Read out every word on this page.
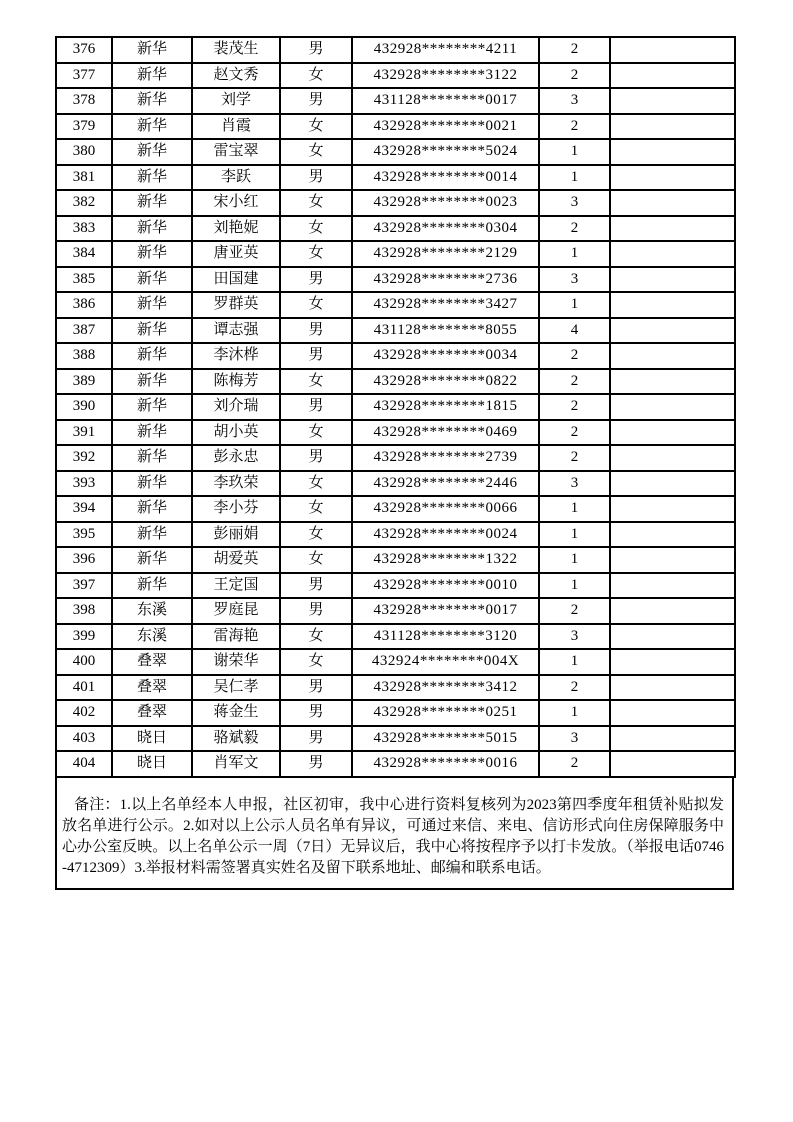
376	新华	裴茂生	男	432928********4211	2	
377	新华	赵文秀	女	432928********3122	2	
378	新华	刘学	男	431128********0017	3	
379	新华	肖霞	女	432928********0021	2	
380	新华	雷宝翠	女	432928********5024	1	
381	新华	李跃	男	432928********0014	1	
382	新华	宋小红	女	432928********0023	3	
383	新华	刘艳妮	女	432928********0304	2	
384	新华	唐亚英	女	432928********2129	1	
385	新华	田国建	男	432928********2736	3	
386	新华	罗群英	女	432928********3427	1	
387	新华	谭志强	男	431128********8055	4	
388	新华	李沐桦	男	432928********0034	2	
389	新华	陈梅芳	女	432928********0822	2	
390	新华	刘介瑞	男	432928********1815	2	
391	新华	胡小英	女	432928********0469	2	
392	新华	彭永忠	男	432928********2739	2	
393	新华	李玖荣	女	432928********2446	3	
394	新华	李小芬	女	432928********0066	1	
395	新华	彭丽娟	女	432928********0024	1	
396	新华	胡爱英	女	432928********1322	1	
397	新华	王定国	男	432928********0010	1	
398	东溪	罗庭昆	男	432928********0017	2	
399	东溪	雷海艳	女	431128********3120	3	
400	叠翠	谢荣华	女	432924********004X	1	
401	叠翠	吴仁孝	男	432928********3412	2	
402	叠翠	蒋金生	男	432928********0251	1	
403	晓日	骆斌毅	男	432928********5015	3	
404	晓日	肖军文	男	432928********0016	2	

备注：1.以上名单经本人申报，社区初审，我中心进行资料复核列为2023第四季度年租赁补贴拟发放名单进行公示。2.如对以上公示人员名单有异议，可通过来信、来电、信访形式向住房保障服务中心办公室反映。以上名单公示一周（7日）无异议后，我中心将按程序予以打卡发放。（举报电话0746-4712309）3.举报材料需签署真实姓名及留下联系地址、邮编和联系电话。
